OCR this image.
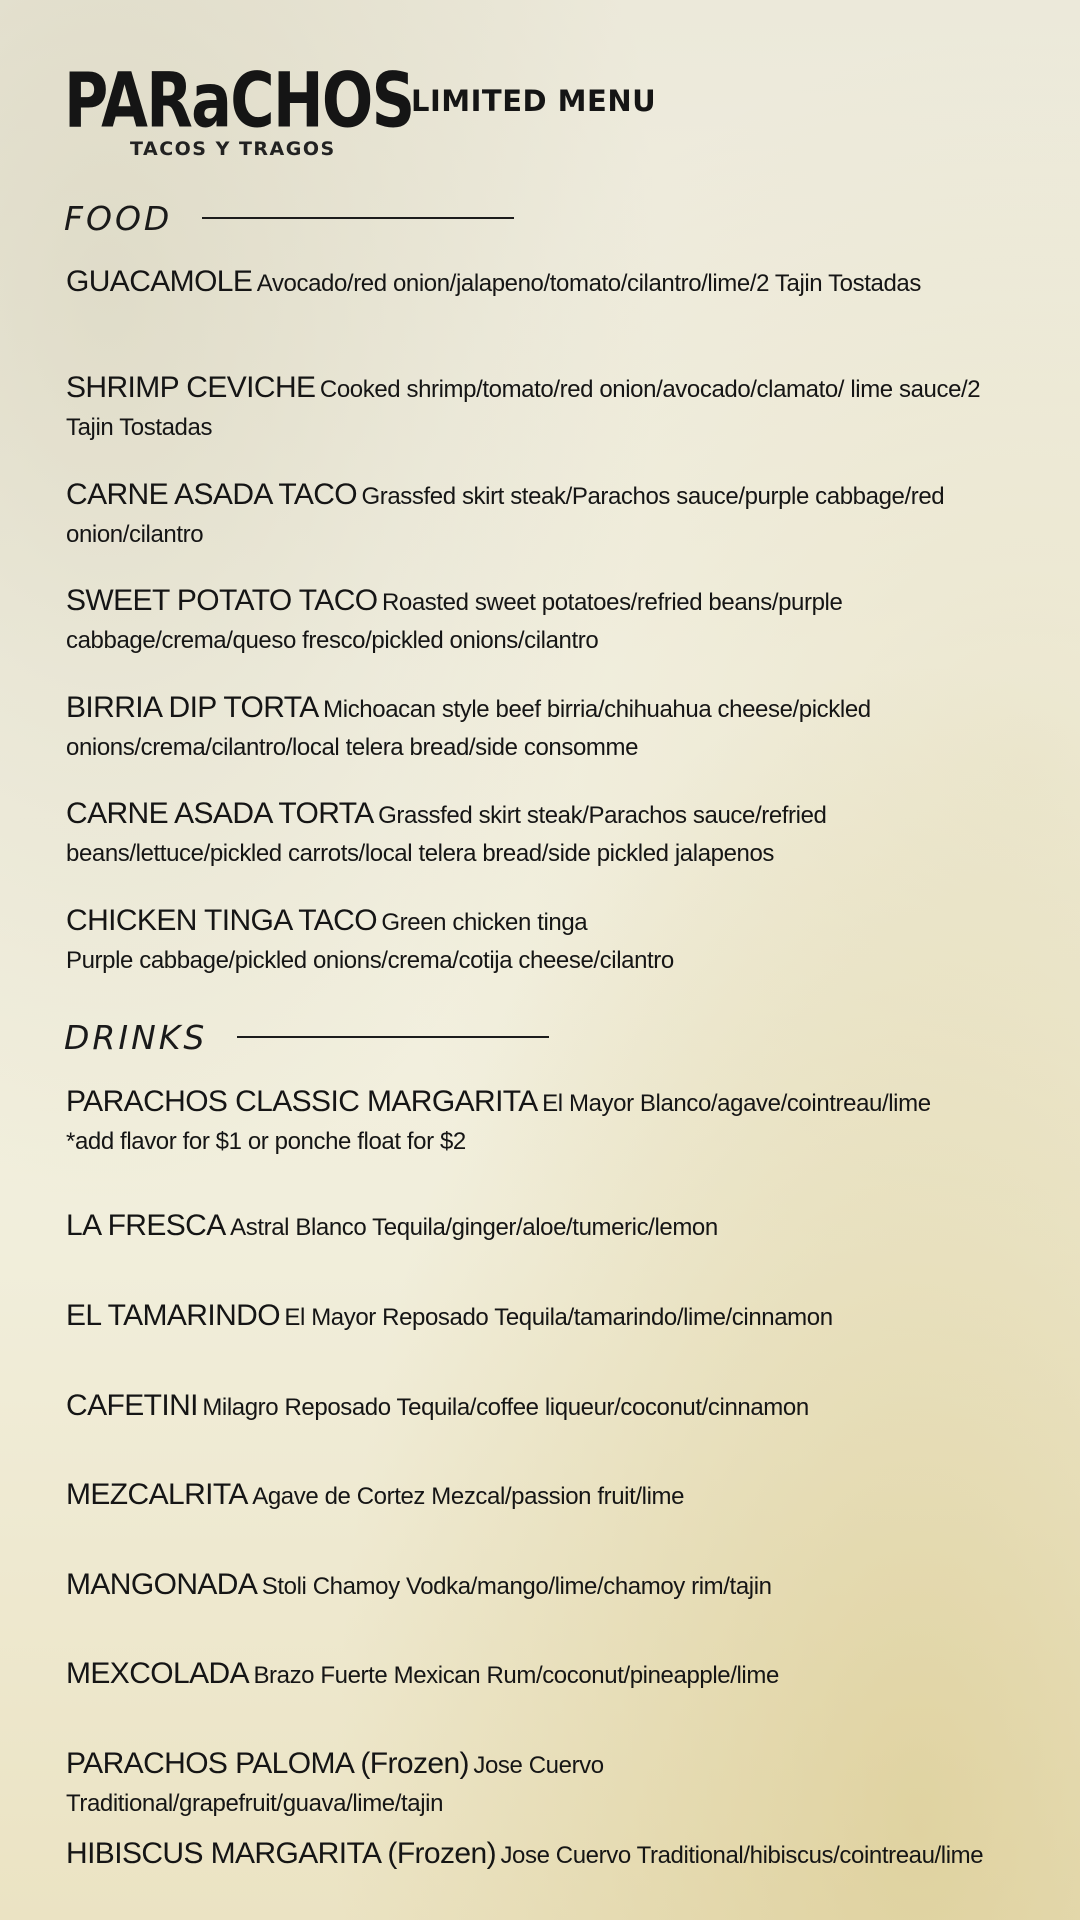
PARaCHOS
TACOS Y TRAGOS
LIMITED MENU
FOOD
GUACAMOLE Avocado/red onion/jalapeno/tomato/cilantro/lime/2 Tajin Tostadas
SHRIMP CEVICHE Cooked shrimp/tomato/red onion/avocado/clamato/ lime sauce/2 Tajin Tostadas
CARNE ASADA TACO Grassfed skirt steak/Parachos sauce/purple cabbage/red onion/cilantro
SWEET POTATO TACO Roasted sweet potatoes/refried beans/purple cabbage/crema/queso fresco/pickled onions/cilantro
BIRRIA DIP TORTA Michoacan style beef birria/chihuahua cheese/pickled onions/crema/cilantro/local telera bread/side consomme
CARNE ASADA TORTA Grassfed skirt steak/Parachos sauce/refried beans/lettuce/pickled carrots/local telera bread/side pickled jalapenos
CHICKEN TINGA TACO Green chicken tinga
Purple cabbage/pickled onions/crema/cotija cheese/cilantro
DRINKS
PARACHOS CLASSIC MARGARITA El Mayor Blanco/agave/cointreau/lime
*add flavor for $1 or ponche float for $2
LA FRESCA Astral Blanco Tequila/ginger/aloe/tumeric/lemon
EL TAMARINDO El Mayor Reposado Tequila/tamarindo/lime/cinnamon
CAFETINI Milagro Reposado Tequila/coffee liqueur/coconut/cinnamon
MEZCALRITA Agave de Cortez Mezcal/passion fruit/lime
MANGONADA Stoli Chamoy Vodka/mango/lime/chamoy rim/tajin
MEXCOLADA Brazo Fuerte Mexican Rum/coconut/pineapple/lime
PARACHOS PALOMA (Frozen) Jose Cuervo Traditional/grapefruit/guava/lime/tajin
HIBISCUS MARGARITA (Frozen) Jose Cuervo Traditional/hibiscus/cointreau/lime
